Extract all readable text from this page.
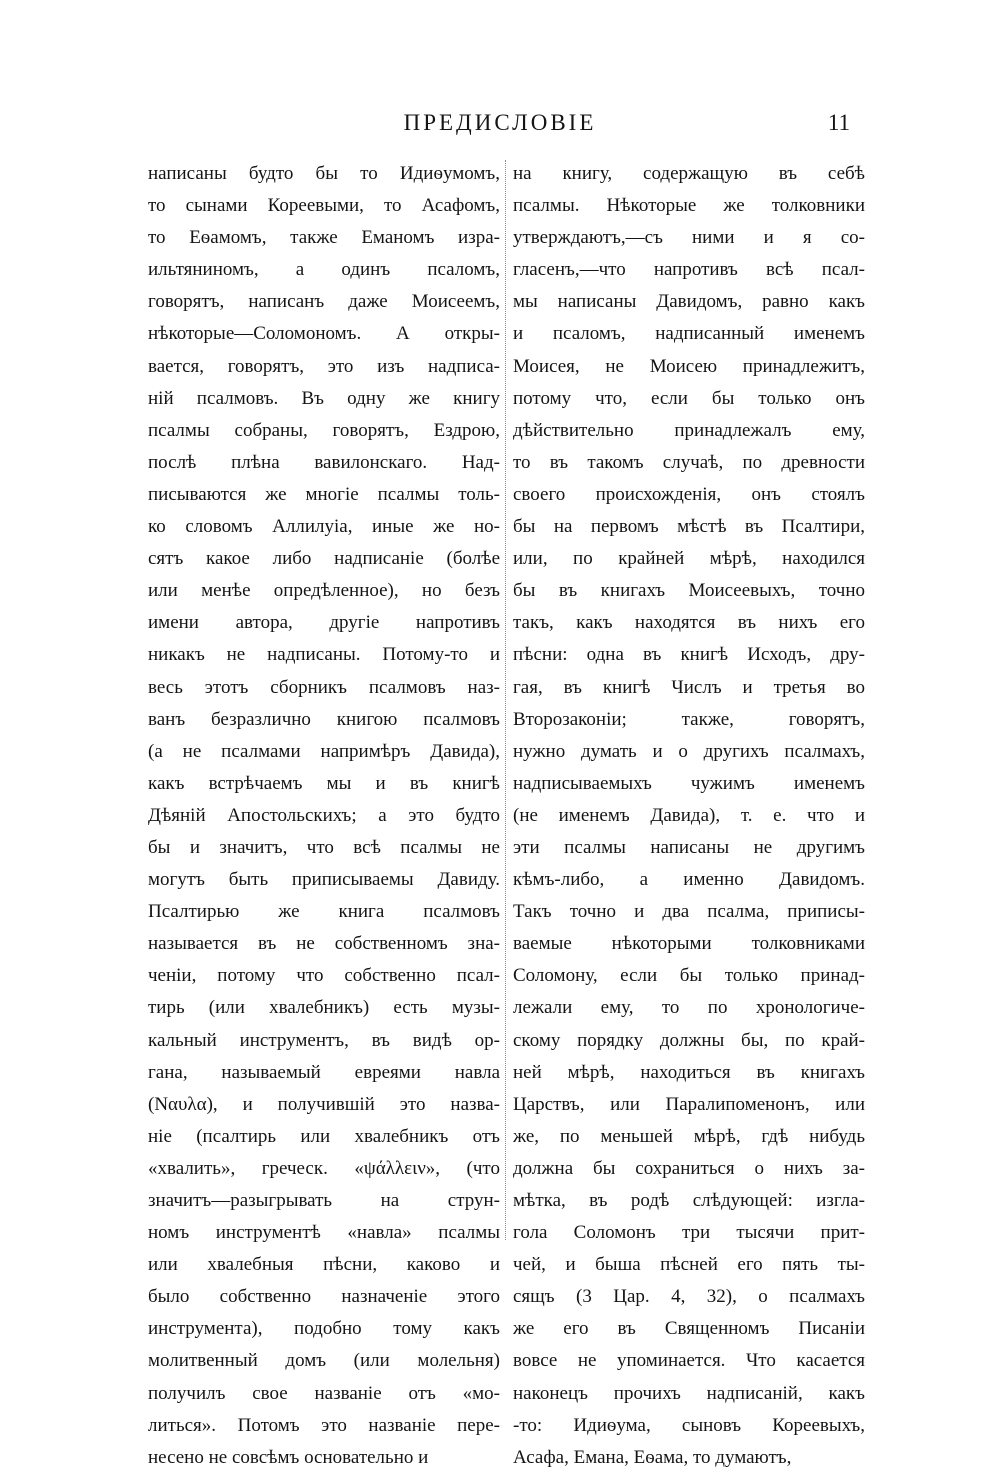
ПРЕДИСЛОВІЕ	11
написаны будто бы то Идиѳумомъ,
то сынами Кореевыми, то Асафомъ,
то Еѳамомъ, также Еманомъ изра-
ильтяниномъ, а одинъ псаломъ,
говорятъ, написанъ даже Моисеемъ,
нѣкоторые—Соломономъ. А откры-
вается, говорятъ, это изъ надписа-
ній псалмовъ. Въ одну же книгу
псалмы собраны, говорятъ, Ездрою,
послѣ плѣна вавилонскаго. Над-
писываются же многіе псалмы толь-
ко словомъ Аллилуіа, иные же но-
сятъ какое либо надписаніе (болѣе
или менѣе опредѣленное), но безъ
имени автора, другіе напротивъ
никакъ не надписаны. Потому-то и
весь этотъ сборникъ псалмовъ наз-
ванъ безразлично книгою псалмовъ
(а не псалмами напримѣръ Давида),
какъ встрѣчаемъ мы и въ книгѣ
Дѣяній Апостольскихъ; а это будто
бы и значитъ, что всѣ псалмы не
могутъ быть приписываемы Давиду.
Псалтирью же книга псалмовъ
называется въ не собственномъ зна-
ченіи, потому что собственно псал-
тирь (или хвалебникъ) есть музы-
кальный инструментъ, въ видѣ ор-
гана, называемый евреями навла
(Ναυλα), и получившій это назва-
ніе (псалтирь или хвалебникъ отъ
«хвалить», греческ. «ψάλλειν», (что
значитъ—разыгрывать на струн-
номъ инструментѣ «навла» псалмы
или хвалебныя пѣсни, каково и
было собственно назначеніе этого
инструмента), подобно тому какъ
молитвенный домъ (или молельня)
получилъ свое названіе отъ «мо-
литься». Потомъ это названіе пере-
несено не совсѣмъ основательно и
на книгу, содержащую въ себѣ
псалмы. Нѣкоторые же толковники
утверждаютъ,—съ ними и я со-
гласенъ,—что напротивъ всѣ псал-
мы написаны Давидомъ, равно какъ
и псаломъ, надписанный именемъ
Моисея, не Моисею принадлежитъ,
потому что, если бы только онъ
дѣйствительно принадлежалъ ему,
то въ такомъ случаѣ, по древности
своего происхожденія, онъ стоялъ
бы на первомъ мѣстѣ въ Псалтири,
или, по крайней мѣрѣ, находился
бы въ книгахъ Моисеевыхъ, точно
такъ, какъ находятся въ нихъ его
пѣсни: одна въ книгѣ Исходъ, дру-
гая, въ книгѣ Числъ и третья во
Второзаконіи; также, говорятъ,
нужно думать и о другихъ псалмахъ,
надписываемыхъ чужимъ именемъ
(не именемъ Давида), т. е. что и
эти псалмы написаны не другимъ
кѣмъ-либо, а именно Давидомъ.
Такъ точно и два псалма, приписы-
ваемые нѣкоторыми толковниками
Соломону, если бы только принад-
лежали ему, то по хронологиче-
скому порядку должны бы, по край-
ней мѣрѣ, находиться въ книгахъ
Царствъ, или Паралипоменонъ, или
же, по меньшей мѣрѣ, гдѣ нибудь
должна бы сохраниться о нихъ за-
мѣтка, въ родѣ слѣдующей: изгла-
гола Соломонъ три тысячи прит-
чей, и быша пѣсней его пять ты-
сящъ (3 Цар. 4, 32), о псалмахъ
же его въ Священномъ Писаніи
вовсе не упоминается. Что касается
наконецъ прочихъ надписаній, какъ
-то: Идиѳума, сыновъ Кореевыхъ,
Асафа, Емана, Еѳама, то думаютъ,
